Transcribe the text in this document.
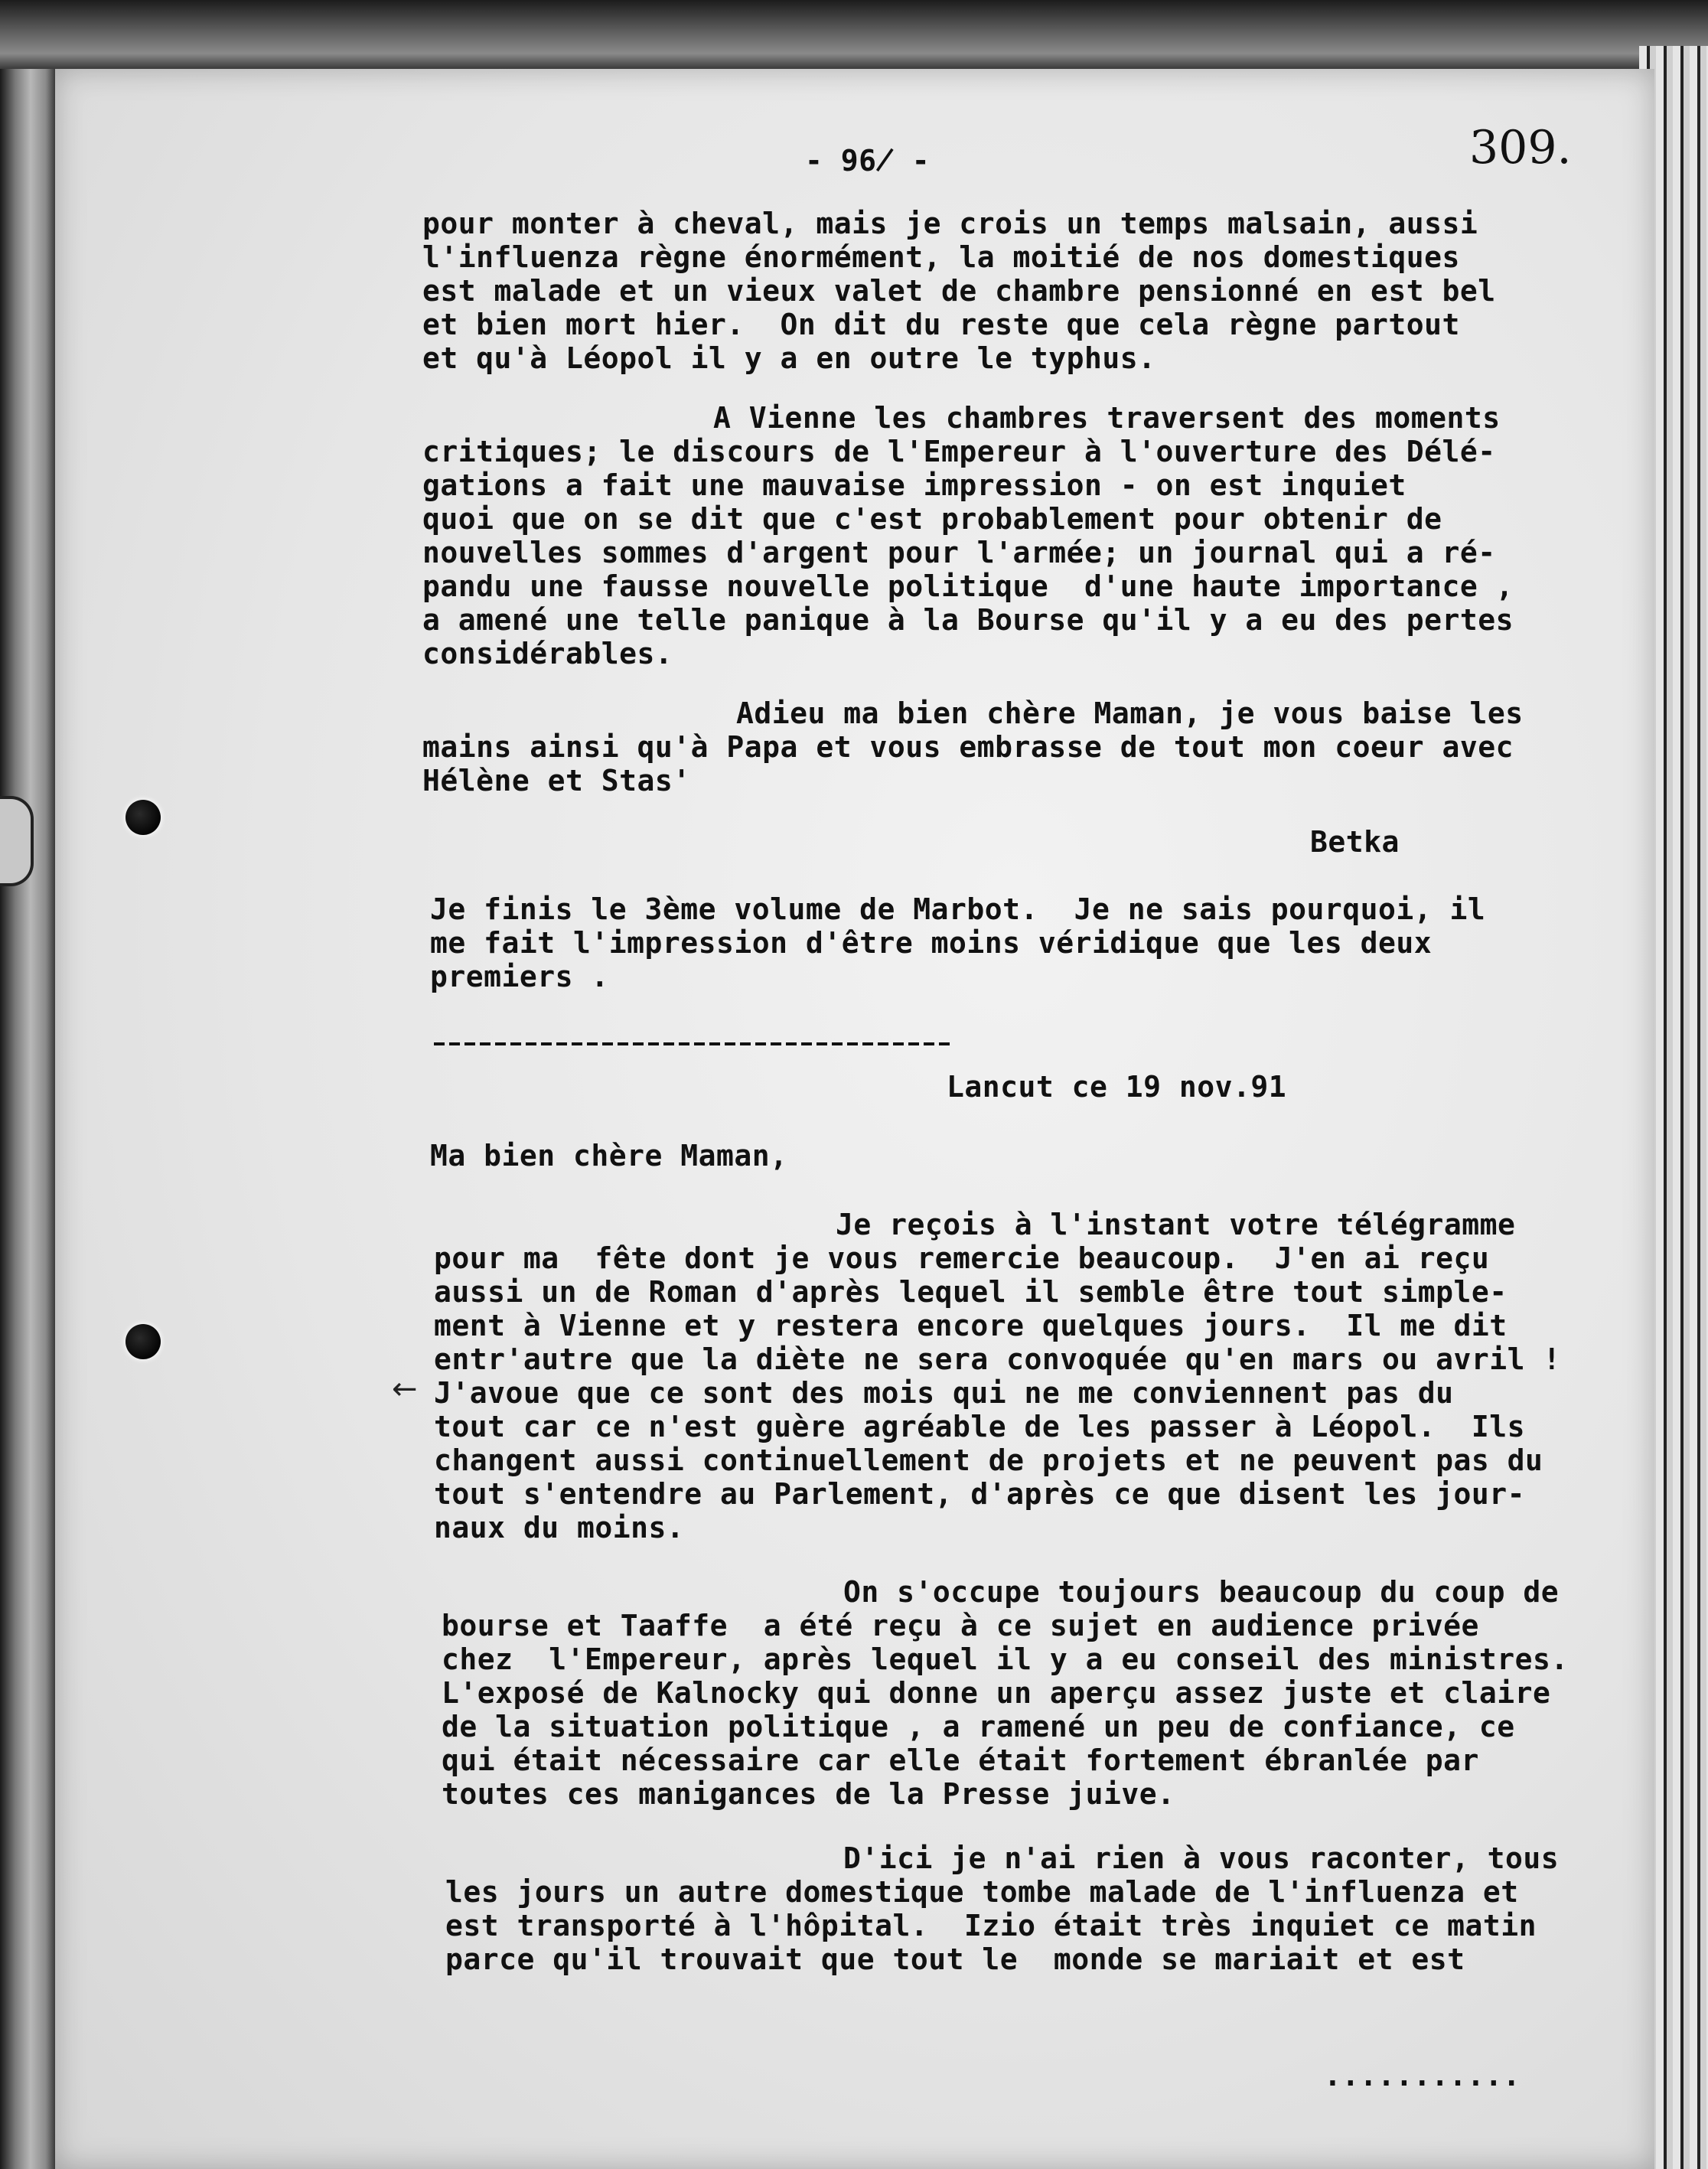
- 96̸ -	309.
pour monter à cheval, mais je crois un temps malsain, aussi
l'influenza règne énormément, la moitié de nos domestiques
est malade et un vieux valet de chambre pensionné en est bel
et bien mort hier.  On dit du reste que cela règne partout
et qu'à Léopol il y a en outre le typhus.
A Vienne les chambres traversent des moments
critiques; le discours de l'Empereur à l'ouverture des Délé-
gations a fait une mauvaise impression - on est inquiet
quoi que on se dit que c'est probablement pour obtenir de
nouvelles sommes d'argent pour l'armée; un journal qui a ré-
pandu une fausse nouvelle politique  d'une haute importance ,
a amené une telle panique à la Bourse qu'il y a eu des pertes
considérables.
Adieu ma bien chère Maman, je vous baise les
mains ainsi qu'à Papa et vous embrasse de tout mon coeur avec
Hélène et Stas'
Betka
Je finis le 3ème volume de Marbot.  Je ne sais pourquoi, il
me fait l'impression d'être moins véridique que les deux
premiers .
Lancut ce 19 nov.91
Ma bien chère Maman,
Je reçois à l'instant votre télégramme
pour ma  fête dont je vous remercie beaucoup.  J'en ai reçu
aussi un de Roman d'après lequel il semble être tout simple-
ment à Vienne et y restera encore quelques jours.  Il me dit
entr'autre que la diète ne sera convoquée qu'en mars ou avril !
J'avoue que ce sont des mois qui ne me conviennent pas du
tout car ce n'est guère agréable de les passer à Léopol.  Ils
changent aussi continuellement de projets et ne peuvent pas du
tout s'entendre au Parlement, d'après ce que disent les jour-
naux du moins.
←
On s'occupe toujours beaucoup du coup de
bourse et Taaffe  a été reçu à ce sujet en audience privée
chez  l'Empereur, après lequel il y a eu conseil des ministres.
L'exposé de Kalnocky qui donne un aperçu assez juste et claire
de la situation politique , a ramené un peu de confiance, ce
qui était nécessaire car elle était fortement ébranlée par
toutes ces manigances de la Presse juive.
D'ici je n'ai rien à vous raconter, tous
les jours un autre domestique tombe malade de l'influenza et
est transporté à l'hôpital.  Izio était très inquiet ce matin
parce qu'il trouvait que tout le  monde se mariait et est
...........
